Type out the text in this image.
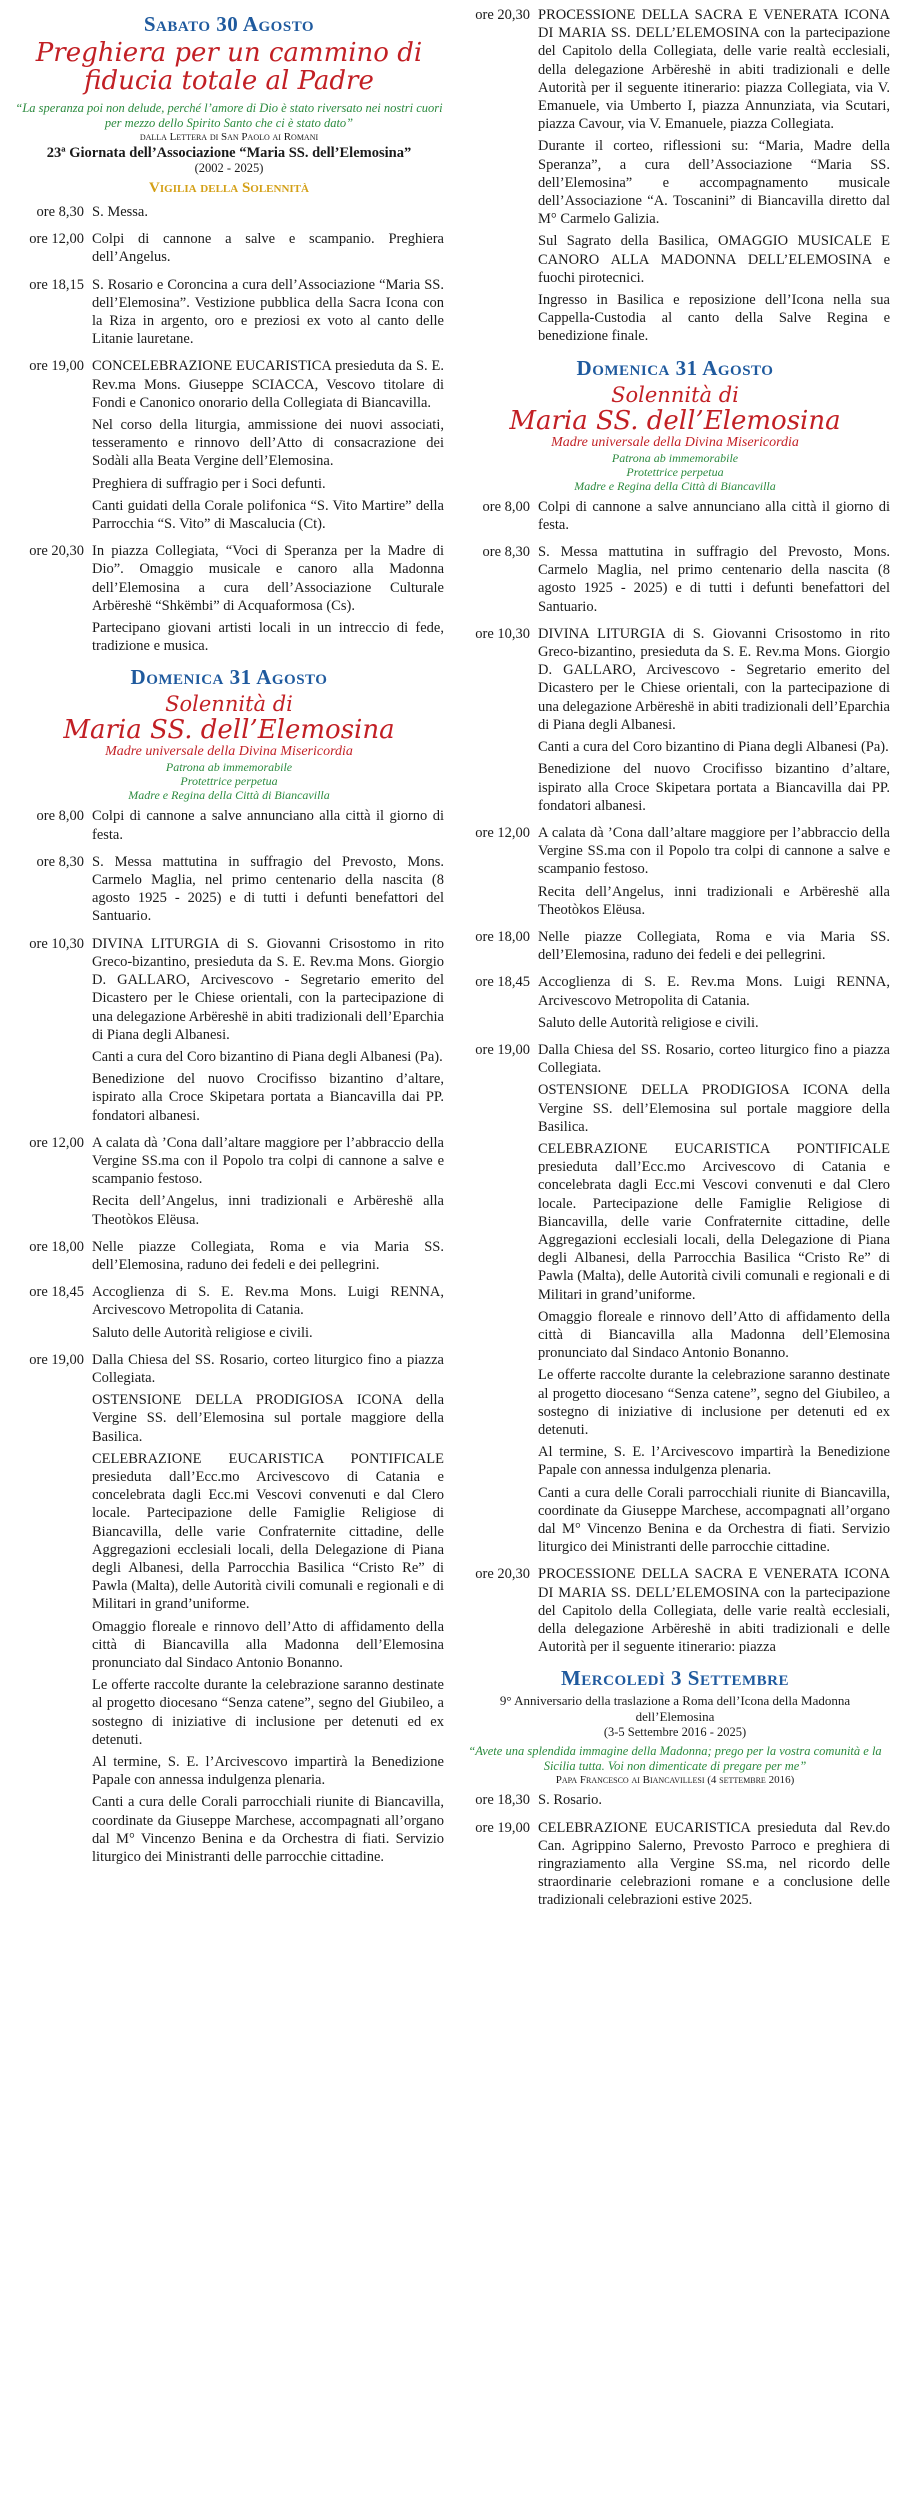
Sabato 30 Agosto
Preghiera per un cammino di fiducia totale al Padre
“La speranza poi non delude, perché l’amore di Dio è stato riversato nei nostri cuori per mezzo dello Spirito Santo che ci è stato dato”
dalla Lettera di San Paolo ai Romani
23ª Giornata dell’Associazione “Maria SS. dell’Elemosina”
(2002 - 2025)
Vigilia della Solennità
ore 8,30 S. Messa.

ore 12,00 Colpi di cannone a salve e scampanio. Preghiera dell’Angelus.

ore 18,15 S. Rosario e Coroncina a cura dell’Associazione “Maria SS. dell’Elemosina”. Vestizione pubblica della Sacra Icona con la Riza in argento, oro e preziosi ex voto al canto delle Litanie lauretane.

ore 19,00 CONCELEBRAZIONE EUCARISTICA presieduta da S. E. Rev.ma Mons. Giuseppe SCIACCA, Vescovo titolare di Fondi e Canonico onorario della Collegiata di Biancavilla.

Nel corso della liturgia, ammissione dei nuovi associati, tesseramento e rinnovo dell’Atto di consacrazione dei Sodàli alla Beata Vergine dell’Elemosina.

Preghiera di suffragio per i Soci defunti.

Canti guidati della Corale polifonica “S. Vito Martire” della Parrocchia “S. Vito” di Mascalucia (Ct).

ore 20,30 In piazza Collegiata, “Voci di Speranza per la Madre di Dio”. Omaggio musicale e canoro alla Madonna dell’Elemosina a cura dell’Associazione Culturale Arbëreshë “Shkëmbi” di Acquaformosa (Cs).

Partecipano giovani artisti locali in un intreccio di fede, tradizione e musica.

Domenica 31 Agosto
Solennità di
Maria SS. dell’Elemosina
Madre universale della Divina Misericordia
Patrona ab immemorabile
Protettrice perpetua
Madre e Regina della Città di Biancavilla
ore 8,00 Colpi di cannone a salve annunciano alla città il giorno di festa.

ore 8,30 S. Messa mattutina in suffragio del Prevosto, Mons. Carmelo Maglia, nel primo centenario della nascita (8 agosto 1925 - 2025) e di tutti i defunti benefattori del Santuario.

ore 10,30 DIVINA LITURGIA di S. Giovanni Crisostomo in rito Greco-bizantino, presieduta da S. E. Rev.ma Mons. Giorgio D. GALLARO, Arcivescovo - Segretario emerito del Dicastero per le Chiese orientali, con la partecipazione di una delegazione Arbëreshë in abiti tradizionali dell’Eparchia di Piana degli Albanesi.

Canti a cura del Coro bizantino di Piana degli Albanesi (Pa).

Benedizione del nuovo Crocifisso bizantino d’altare, ispirato alla Croce Skipetara portata a Biancavilla dai PP. fondatori albanesi.

ore 12,00 A calata dà ’Cona dall’altare maggiore per l’abbraccio della Vergine SS.ma con il Popolo tra colpi di cannone a salve e scampanio festoso.

Recita dell’Angelus, inni tradizionali e Arbëreshë alla Theotòkos Elëusa.

ore 18,00 Nelle piazze Collegiata, Roma e via Maria SS. dell’Elemosina, raduno dei fedeli e dei pellegrini.

ore 18,45 Accoglienza di S. E. Rev.ma Mons. Luigi RENNA, Arcivescovo Metropolita di Catania.

Saluto delle Autorità religiose e civili.

ore 19,00 Dalla Chiesa del SS. Rosario, corteo liturgico fino a piazza Collegiata.

OSTENSIONE DELLA PRODIGIOSA ICONA della Vergine SS. dell’Elemosina sul portale maggiore della Basilica.

CELEBRAZIONE EUCARISTICA PONTIFICALE presieduta dall’Ecc.mo Arcivescovo di Catania e concelebrata dagli Ecc.mi Vescovi convenuti e dal Clero locale. Partecipazione delle Famiglie Religiose di Biancavilla, delle varie Confraternite cittadine, delle Aggregazioni ecclesiali locali, della Delegazione di Piana degli Albanesi, della Parrocchia Basilica “Cristo Re” di Pawla (Malta), delle Autorità civili comunali e regionali e di Militari in grand’uniforme.

Omaggio floreale e rinnovo dell’Atto di affidamento della città di Biancavilla alla Madonna dell’Elemosina pronunciato dal Sindaco Antonio Bonanno.

Le offerte raccolte durante la celebrazione saranno destinate al progetto diocesano “Senza catene”, segno del Giubileo, a sostegno di iniziative di inclusione per detenuti ed ex detenuti.

Al termine, S. E. l’Arcivescovo impartirà la Benedizione Papale con annessa indulgenza plenaria.

Canti a cura delle Corali parrocchiali riunite di Biancavilla, coordinate da Giuseppe Marchese, accompagnati all’organo dal M° Vincenzo Benina e da Orchestra di fiati. Servizio liturgico dei Ministranti delle parrocchie cittadine.

ore 20,30 PROCESSIONE DELLA SACRA E VENERATA ICONA DI MARIA SS. DELL’ELEMOSINA con la partecipazione del Capitolo della Collegiata, delle varie realtà ecclesiali, della delegazione Arbëreshë in abiti tradizionali e delle Autorità per il seguente itinerario: piazza Collegiata, via V. Emanuele, via Umberto I, piazza Annunziata, via Scutari, piazza Cavour, via V. Emanuele, piazza Collegiata.

Durante il corteo, riflessioni su: “Maria, Madre della Speranza”, a cura dell’Associazione “Maria SS. dell’Elemosina” e accompagnamento musicale dell’Associazione “A. Toscanini” di Biancavilla diretto dal M° Carmelo Galizia.

Sul Sagrato della Basilica, OMAGGIO MUSICALE E CANORO ALLA MADONNA DELL’ELEMOSINA e fuochi pirotecnici.

Ingresso in Basilica e reposizione dell’Icona nella sua Cappella-Custodia al canto della Salve Regina e benedizione finale.

Domenica 31 Agosto
Solennità di
Maria SS. dell’Elemosina
Madre universale della Divina Misericordia
Patrona ab immemorabile
Protettrice perpetua
Madre e Regina della Città di Biancavilla
ore 8,00 Colpi di cannone a salve annunciano alla città il giorno di festa.

ore 8,30 S. Messa mattutina in suffragio del Prevosto, Mons. Carmelo Maglia, nel primo centenario della nascita (8 agosto 1925 - 2025) e di tutti i defunti benefattori del Santuario.

ore 10,30 DIVINA LITURGIA di S. Giovanni Crisostomo in rito Greco-bizantino, presieduta da S. E. Rev.ma Mons. Giorgio D. GALLARO, Arcivescovo - Segretario emerito del Dicastero per le Chiese orientali, con la partecipazione di una delegazione Arbëreshë in abiti tradizionali dell’Eparchia di Piana degli Albanesi.

Canti a cura del Coro bizantino di Piana degli Albanesi (Pa).

Benedizione del nuovo Crocifisso bizantino d’altare, ispirato alla Croce Skipetara portata a Biancavilla dai PP. fondatori albanesi.

ore 12,00 A calata dà ’Cona dall’altare maggiore per l’abbraccio della Vergine SS.ma con il Popolo tra colpi di cannone a salve e scampanio festoso.

Recita dell’Angelus, inni tradizionali e Arbëreshë alla Theotòkos Elëusa.

ore 18,00 Nelle piazze Collegiata, Roma e via Maria SS. dell’Elemosina, raduno dei fedeli e dei pellegrini.

ore 18,45 Accoglienza di S. E. Rev.ma Mons. Luigi RENNA, Arcivescovo Metropolita di Catania.

Saluto delle Autorità religiose e civili.

ore 19,00 Dalla Chiesa del SS. Rosario, corteo liturgico fino a piazza Collegiata.

OSTENSIONE DELLA PRODIGIOSA ICONA della Vergine SS. dell’Elemosina sul portale maggiore della Basilica.

CELEBRAZIONE EUCARISTICA PONTIFICALE presieduta dall’Ecc.mo Arcivescovo di Catania e concelebrata dagli Ecc.mi Vescovi convenuti e dal Clero locale. Partecipazione delle Famiglie Religiose di Biancavilla, delle varie Confraternite cittadine, delle Aggregazioni ecclesiali locali, della Delegazione di Piana degli Albanesi, della Parrocchia Basilica “Cristo Re” di Pawla (Malta), delle Autorità civili comunali e regionali e di Militari in grand’uniforme.

Omaggio floreale e rinnovo dell’Atto di affidamento della città di Biancavilla alla Madonna dell’Elemosina pronunciato dal Sindaco Antonio Bonanno.

Le offerte raccolte durante la celebrazione saranno destinate al progetto diocesano “Senza catene”, segno del Giubileo, a sostegno di iniziative di inclusione per detenuti ed ex detenuti.

Al termine, S. E. l’Arcivescovo impartirà la Benedizione Papale con annessa indulgenza plenaria.

Canti a cura delle Corali parrocchiali riunite di Biancavilla, coordinate da Giuseppe Marchese, accompagnati all’organo dal M° Vincenzo Benina e da Orchestra di fiati. Servizio liturgico dei Ministranti delle parrocchie cittadine.

ore 20,30 PROCESSIONE DELLA SACRA E VENERATA ICONA DI MARIA SS. DELL’ELEMOSINA con la partecipazione del Capitolo della Collegiata, delle varie realtà ecclesiali, della delegazione Arbëreshë in abiti tradizionali e delle Autorità per il seguente itinerario: piazza

Mercoledì 3 Settembre
9° Anniversario della traslazione a Roma dell’Icona della Madonna dell’Elemosina
(3-5 Settembre 2016 - 2025)
“Avete una splendida immagine della Madonna; prego per la vostra comunità e la Sicilia tutta. Voi non dimenticate di pregare per me”
Papa Francesco ai Biancavillesi (4 settembre 2016)
ore 18,30 S. Rosario.

ore 19,00 CELEBRAZIONE EUCARISTICA presieduta dal Rev.do Can. Agrippino Salerno, Prevosto Parroco e preghiera di ringraziamento alla Vergine SS.ma, nel ricordo delle straordinarie celebrazioni romane e a conclusione delle tradizionali celebrazioni estive 2025.
